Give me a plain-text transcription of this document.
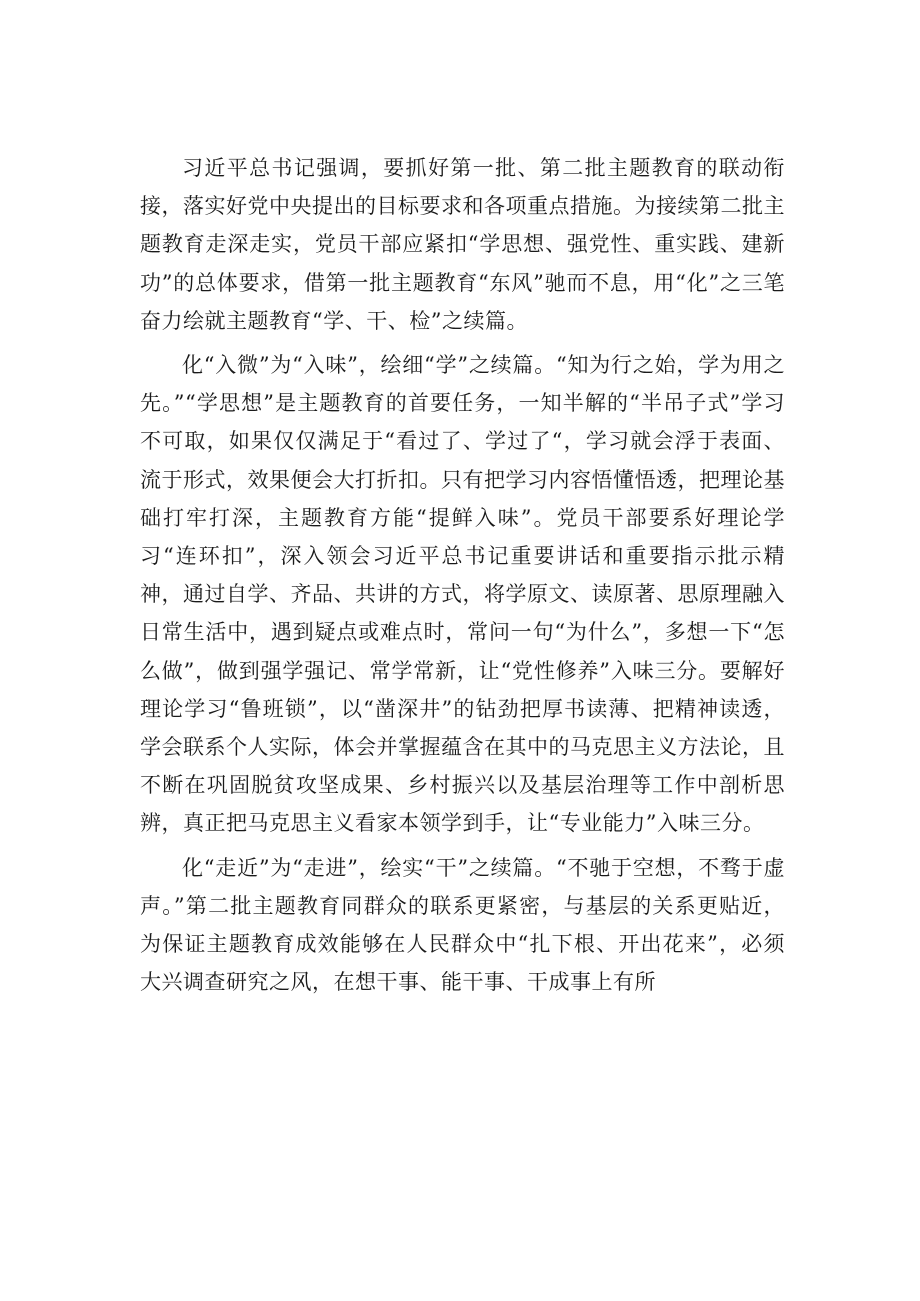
习近平总书记强调，要抓好第一批、第二批主题教育的联动衔接，落实好党中央提出的目标要求和各项重点措施。为接续第二批主题教育走深走实，党员干部应紧扣“学思想、强党性、重实践、建新功”的总体要求，借第一批主题教育“东风”驰而不息，用“化”之三笔奋力绘就主题教育“学、干、检”之续篇。

化“入微”为“入味”，绘细“学”之续篇。“知为行之始，学为用之先。”“学思想”是主题教育的首要任务，一知半解的“半吊子式”学习不可取，如果仅仅满足于“看过了、学过了“，学习就会浮于表面、流于形式，效果便会大打折扣。只有把学习内容悟懂悟透，把理论基础打牢打深，主题教育方能“提鲜入味”。党员干部要系好理论学习“连环扣”，深入领会习近平总书记重要讲话和重要指示批示精神，通过自学、齐品、共讲的方式，将学原文、读原著、思原理融入日常生活中，遇到疑点或难点时，常问一句“为什么”，多想一下“怎么做”，做到强学强记、常学常新，让“党性修养”入味三分。要解好理论学习“鲁班锁”，以“凿深井”的钻劲把厚书读薄、把精神读透，学会联系个人实际，体会并掌握蕴含在其中的马克思主义方法论，且不断在巩固脱贫攻坚成果、乡村振兴以及基层治理等工作中剖析思辨，真正把马克思主义看家本领学到手，让“专业能力”入味三分。

化“走近”为“走进”，绘实“干”之续篇。“不驰于空想，不骛于虚声。”第二批主题教育同群众的联系更紧密，与基层的关系更贴近，为保证主题教育成效能够在人民群众中“扎下根、开出花来”，必须大兴调查研究之风，在想干事、能干事、干成事上有所
